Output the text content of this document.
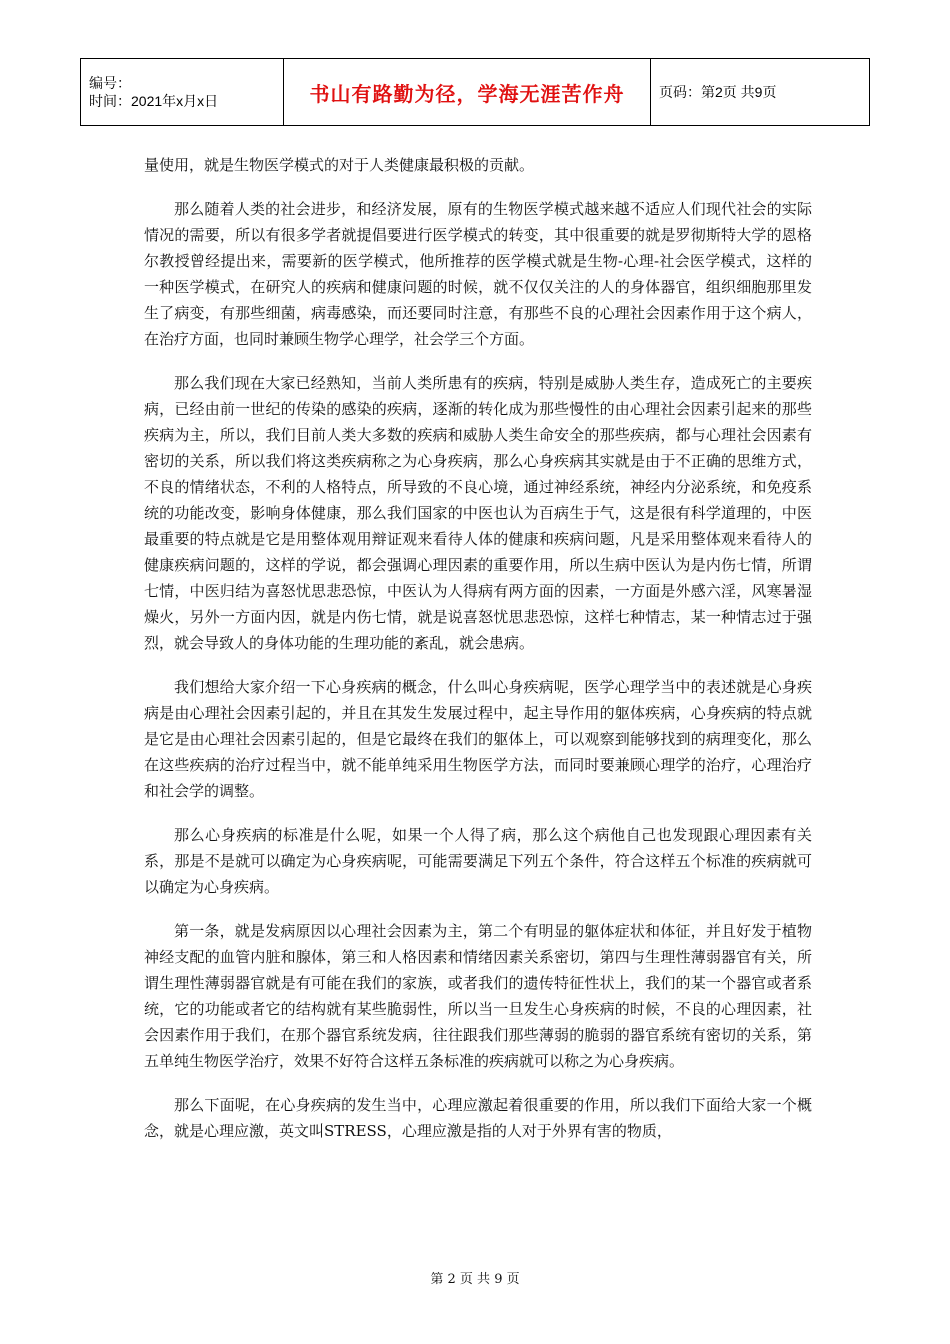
编号：
时间：2021年x月x日	书山有路勤为径，学海无涯苦作舟	页码：第2页 共9页

量使用，就是生物医学模式的对于人类健康最积极的贡献。

那么随着人类的社会进步，和经济发展，原有的生物医学模式越来越不适应人们现代社会的实际情况的需要，所以有很多学者就提倡要进行医学模式的转变，其中很重要的就是罗彻斯特大学的恩格尔教授曾经提出来，需要新的医学模式，他所推荐的医学模式就是生物-心理-社会医学模式，这样的一种医学模式，在研究人的疾病和健康问题的时候，就不仅仅关注的人的身体器官，组织细胞那里发生了病变，有那些细菌，病毒感染，而还要同时注意，有那些不良的心理社会因素作用于这个病人，在治疗方面，也同时兼顾生物学心理学，社会学三个方面。

那么我们现在大家已经熟知，当前人类所患有的疾病，特别是威胁人类生存，造成死亡的主要疾病，已经由前一世纪的传染的感染的疾病，逐渐的转化成为那些慢性的由心理社会因素引起来的那些疾病为主，所以，我们目前人类大多数的疾病和威胁人类生命安全的那些疾病，都与心理社会因素有密切的关系，所以我们将这类疾病称之为心身疾病，那么心身疾病其实就是由于不正确的思维方式，不良的情绪状态，不利的人格特点，所导致的不良心境，通过神经系统，神经内分泌系统，和免疫系统的功能改变，影响身体健康，那么我们国家的中医也认为百病生于气，这是很有科学道理的，中医最重要的特点就是它是用整体观用辩证观来看待人体的健康和疾病问题，凡是采用整体观来看待人的健康疾病问题的，这样的学说，都会强调心理因素的重要作用，所以生病中医认为是内伤七情，所谓七情，中医归结为喜怒忧思悲恐惊，中医认为人得病有两方面的因素，一方面是外感六淫，风寒暑湿燥火，另外一方面内因，就是内伤七情，就是说喜怒忧思悲恐惊，这样七种情志，某一种情志过于强烈，就会导致人的身体功能的生理功能的紊乱，就会患病。

我们想给大家介绍一下心身疾病的概念，什么叫心身疾病呢，医学心理学当中的表述就是心身疾病是由心理社会因素引起的，并且在其发生发展过程中，起主导作用的躯体疾病，心身疾病的特点就是它是由心理社会因素引起的，但是它最终在我们的躯体上，可以观察到能够找到的病理变化，那么在这些疾病的治疗过程当中，就不能单纯采用生物医学方法，而同时要兼顾心理学的治疗，心理治疗和社会学的调整。

那么心身疾病的标准是什么呢，如果一个人得了病，那么这个病他自己也发现跟心理因素有关系，那是不是就可以确定为心身疾病呢，可能需要满足下列五个条件，符合这样五个标准的疾病就可以确定为心身疾病。

第一条，就是发病原因以心理社会因素为主，第二个有明显的躯体症状和体征，并且好发于植物神经支配的血管内脏和腺体，第三和人格因素和情绪因素关系密切，第四与生理性薄弱器官有关，所谓生理性薄弱器官就是有可能在我们的家族，或者我们的遗传特征性状上，我们的某一个器官或者系统，它的功能或者它的结构就有某些脆弱性，所以当一旦发生心身疾病的时候，不良的心理因素，社会因素作用于我们，在那个器官系统发病，往往跟我们那些薄弱的脆弱的器官系统有密切的关系，第五单纯生物医学治疗，效果不好符合这样五条标准的疾病就可以称之为心身疾病。

那么下面呢，在心身疾病的发生当中，心理应激起着很重要的作用，所以我们下面给大家一个概念，就是心理应激，英文叫STRESS，心理应激是指的人对于外界有害的物质，

第 2 页 共 9 页
